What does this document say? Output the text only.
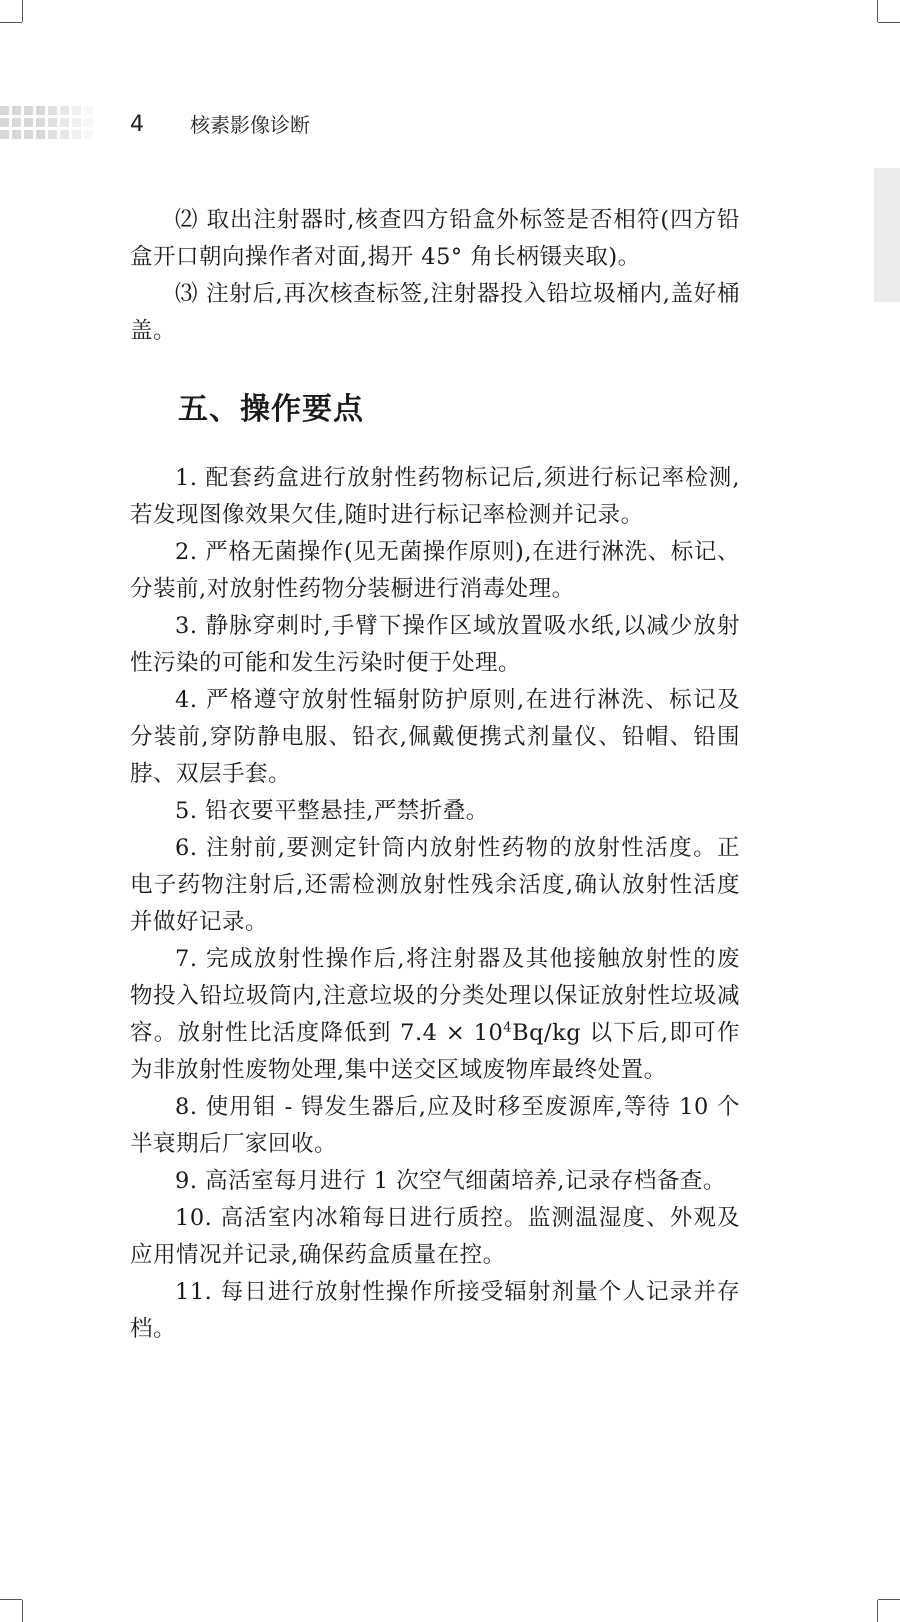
4 核素影像诊断

⑵ 取出注射器时,核查四方铅盒外标签是否相符(四方铅盒开口朝向操作者对面,揭开 45° 角长柄镊夹取)。

⑶ 注射后,再次核查标签,注射器投入铅垃圾桶内,盖好桶盖。

五、操作要点

1. 配套药盒进行放射性药物标记后,须进行标记率检测,若发现图像效果欠佳,随时进行标记率检测并记录。

2. 严格无菌操作(见无菌操作原则),在进行淋洗、标记、分装前,对放射性药物分装橱进行消毒处理。

3. 静脉穿刺时,手臂下操作区域放置吸水纸,以减少放射性污染的可能和发生污染时便于处理。

4. 严格遵守放射性辐射防护原则,在进行淋洗、标记及分装前,穿防静电服、铅衣,佩戴便携式剂量仪、铅帽、铅围脖、双层手套。

5. 铅衣要平整悬挂,严禁折叠。

6. 注射前,要测定针筒内放射性药物的放射性活度。正电子药物注射后,还需检测放射性残余活度,确认放射性活度并做好记录。

7. 完成放射性操作后,将注射器及其他接触放射性的废物投入铅垃圾筒内,注意垃圾的分类处理以保证放射性垃圾减容。放射性比活度降低到 $7.4 \times 10^4Bq/kg$ 以下后,即可作为非放射性废物处理,集中送交区域废物库最终处置。

8. 使用钼 - 锝发生器后,应及时移至废源库,等待 10 个半衰期后厂家回收。

9. 高活室每月进行 1 次空气细菌培养,记录存档备查。

10. 高活室内冰箱每日进行质控。监测温湿度、外观及应用情况并记录,确保药盒质量在控。

11. 每日进行放射性操作所接受辐射剂量个人记录并存档。
